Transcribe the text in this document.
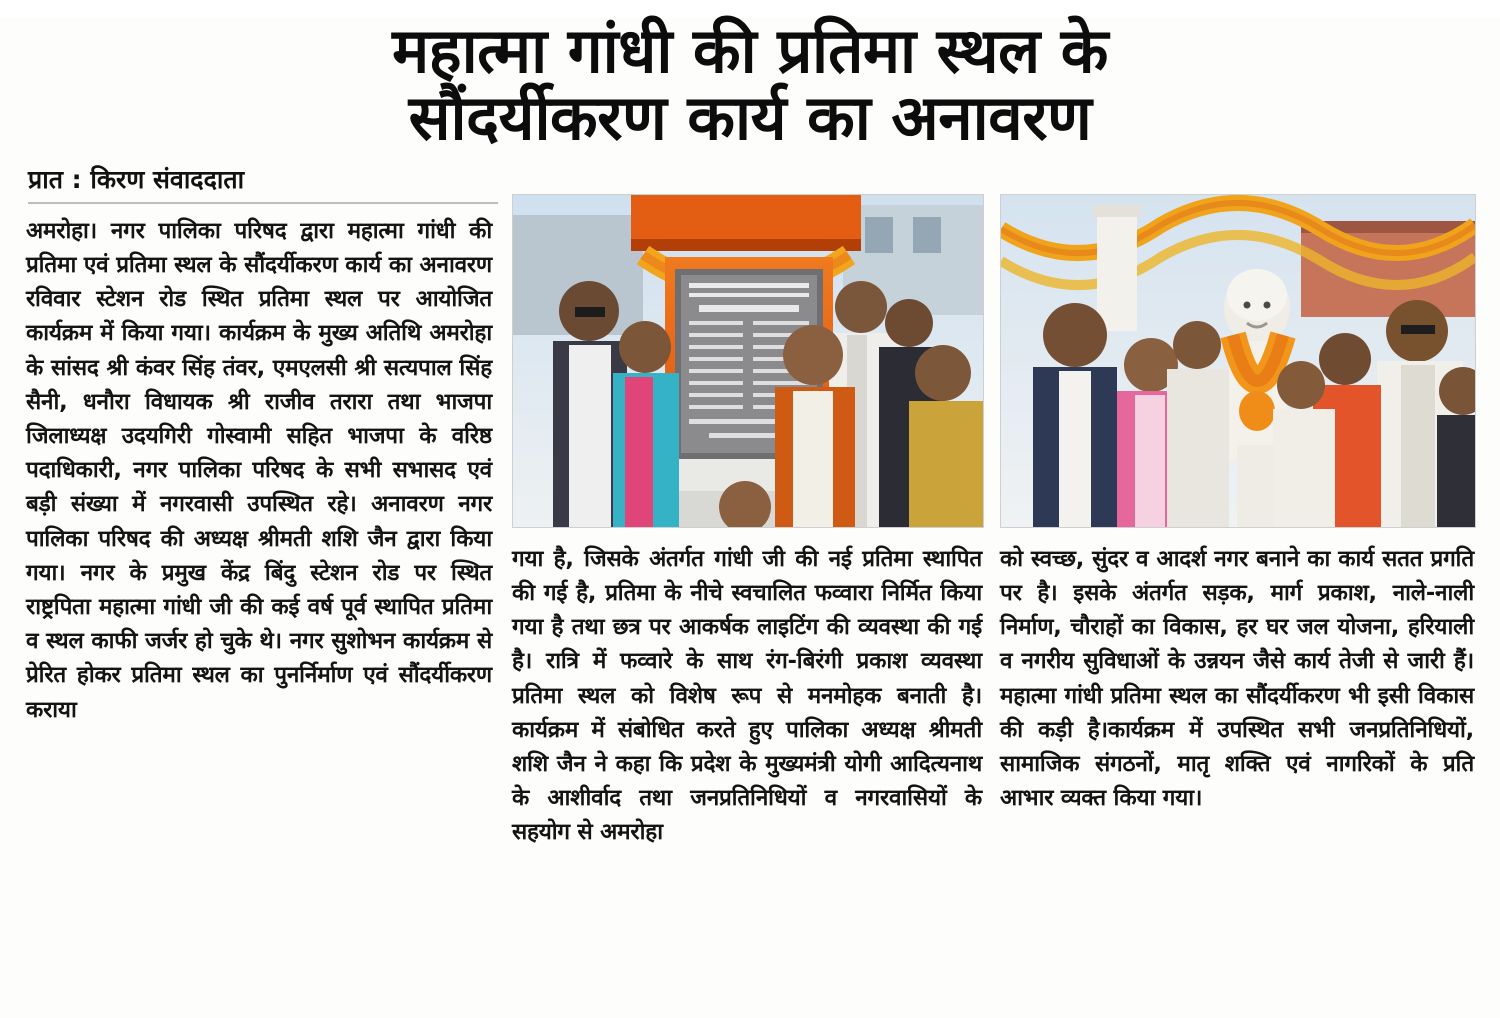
महात्मा गांधी की प्रतिमा स्थल के
सौंदर्यीकरण कार्य का अनावरण
प्रात : किरण संवाददाता
अमरोहा। नगर पालिका परिषद द्वारा महात्मा गांधी की प्रतिमा एवं प्रतिमा स्थल के सौंदर्यीकरण कार्य का अनावरण रविवार स्टेशन रोड स्थित प्रतिमा स्थल पर आयोजित कार्यक्रम में किया गया। कार्यक्रम के मुख्य अतिथि अमरोहा के सांसद श्री कंवर सिंह तंवर, एमएलसी श्री सत्यपाल सिंह सैनी, धनौरा विधायक श्री राजीव तरारा तथा भाजपा जिलाध्यक्ष उदयगिरी गोस्वामी सहित भाजपा के वरिष्ठ पदाधिकारी, नगर पालिका परिषद के सभी सभासद एवं बड़ी संख्या में नगरवासी उपस्थित रहे। अनावरण नगर पालिका परिषद की अध्यक्ष श्रीमती शशि जैन द्वारा किया गया। नगर के प्रमुख केंद्र बिंदु स्टेशन रोड पर स्थित राष्ट्रपिता महात्मा गांधी जी की कई वर्ष पूर्व स्थापित प्रतिमा व स्थल काफी जर्जर हो चुके थे। नगर सुशोभन कार्यक्रम से प्रेरित होकर प्रतिमा स्थल का पुनर्निर्माण एवं सौंदर्यीकरण कराया
गया है, जिसके अंतर्गत गांधी जी की नई प्रतिमा स्थापित की गई है, प्रतिमा के नीचे स्वचालित फव्वारा निर्मित किया गया है तथा छत्र पर आकर्षक लाइटिंग की व्यवस्था की गई है। रात्रि में फव्वारे के साथ रंग-बिरंगी प्रकाश व्यवस्था प्रतिमा स्थल को विशेष रूप से मनमोहक बनाती है। कार्यक्रम में संबोधित करते हुए पालिका अध्यक्ष श्रीमती शशि जैन ने कहा कि प्रदेश के मुख्यमंत्री योगी आदित्यनाथ के आशीर्वाद तथा जनप्रतिनिधियों व नगरवासियों के सहयोग से अमरोहा
को स्वच्छ, सुंदर व आदर्श नगर बनाने का कार्य सतत प्रगति पर है। इसके अंतर्गत सड़क, मार्ग प्रकाश, नाले-नाली निर्माण, चौराहों का विकास, हर घर जल योजना, हरियाली व नगरीय सुविधाओं के उन्नयन जैसे कार्य तेजी से जारी हैं। महात्मा गांधी प्रतिमा स्थल का सौंदर्यीकरण भी इसी विकास की कड़ी है।कार्यक्रम में उपस्थित सभी जनप्रतिनिधियों, सामाजिक संगठनों, मातृ शक्ति एवं नागरिकों के प्रति आभार व्यक्त किया गया।
